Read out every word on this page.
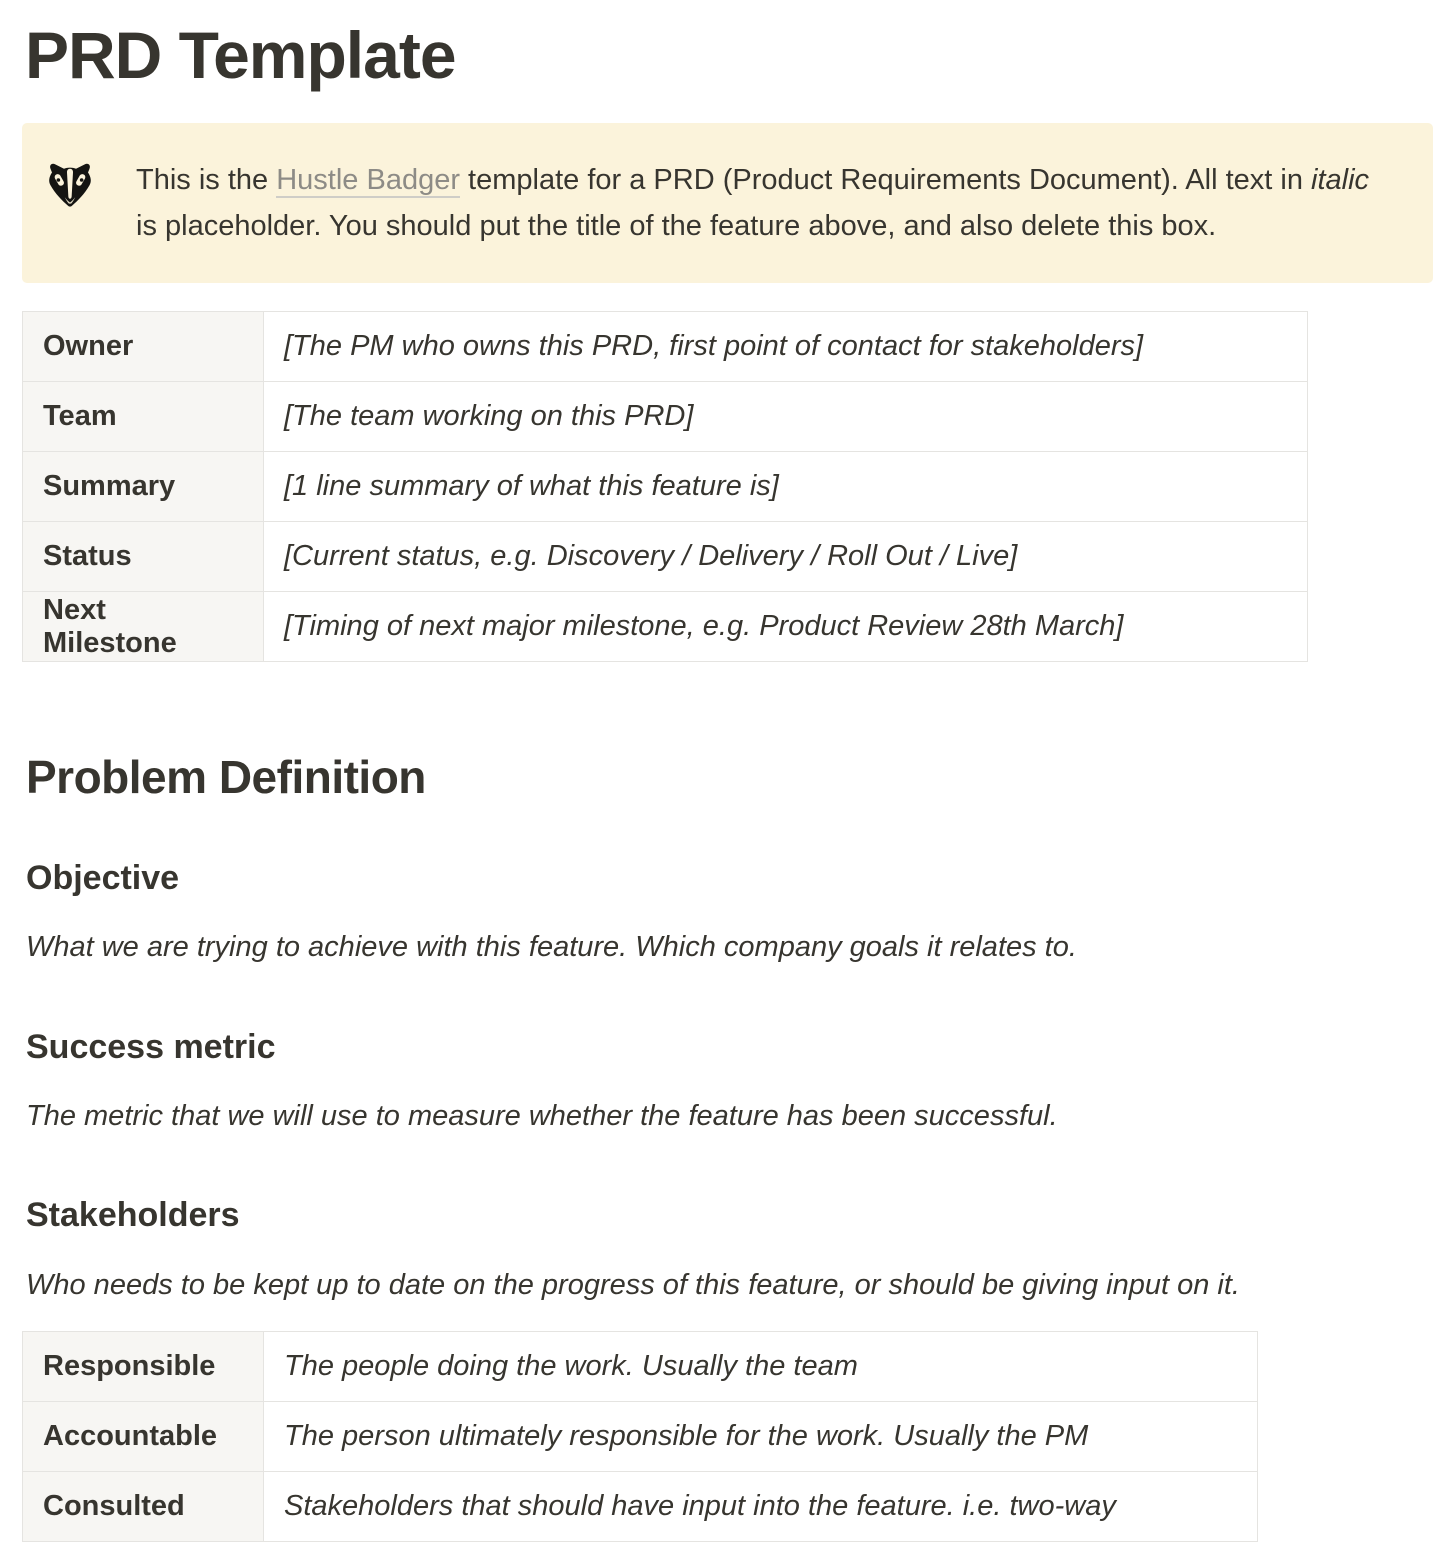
PRD Template
This is the Hustle Badger template for a PRD (Product Requirements Document). All text in italic is placeholder. You should put the title of the feature above, and also delete this box.
Owner	[The PM who owns this PRD, first point of contact for stakeholders]
Team	[The team working on this PRD]
Summary	[1 line summary of what this feature is]
Status	[Current status, e.g. Discovery / Delivery / Roll Out / Live]
Next Milestone	[Timing of next major milestone, e.g. Product Review 28th March]
Problem Definition
Objective

What we are trying to achieve with this feature. Which company goals it relates to.

Success metric

The metric that we will use to measure whether the feature has been successful.

Stakeholders

Who needs to be kept up to date on the progress of this feature, or should be giving input on it.

Responsible	The people doing the work. Usually the team
Accountable	The person ultimately responsible for the work. Usually the PM
Consulted	Stakeholders that should have input into the feature. i.e. two-way
